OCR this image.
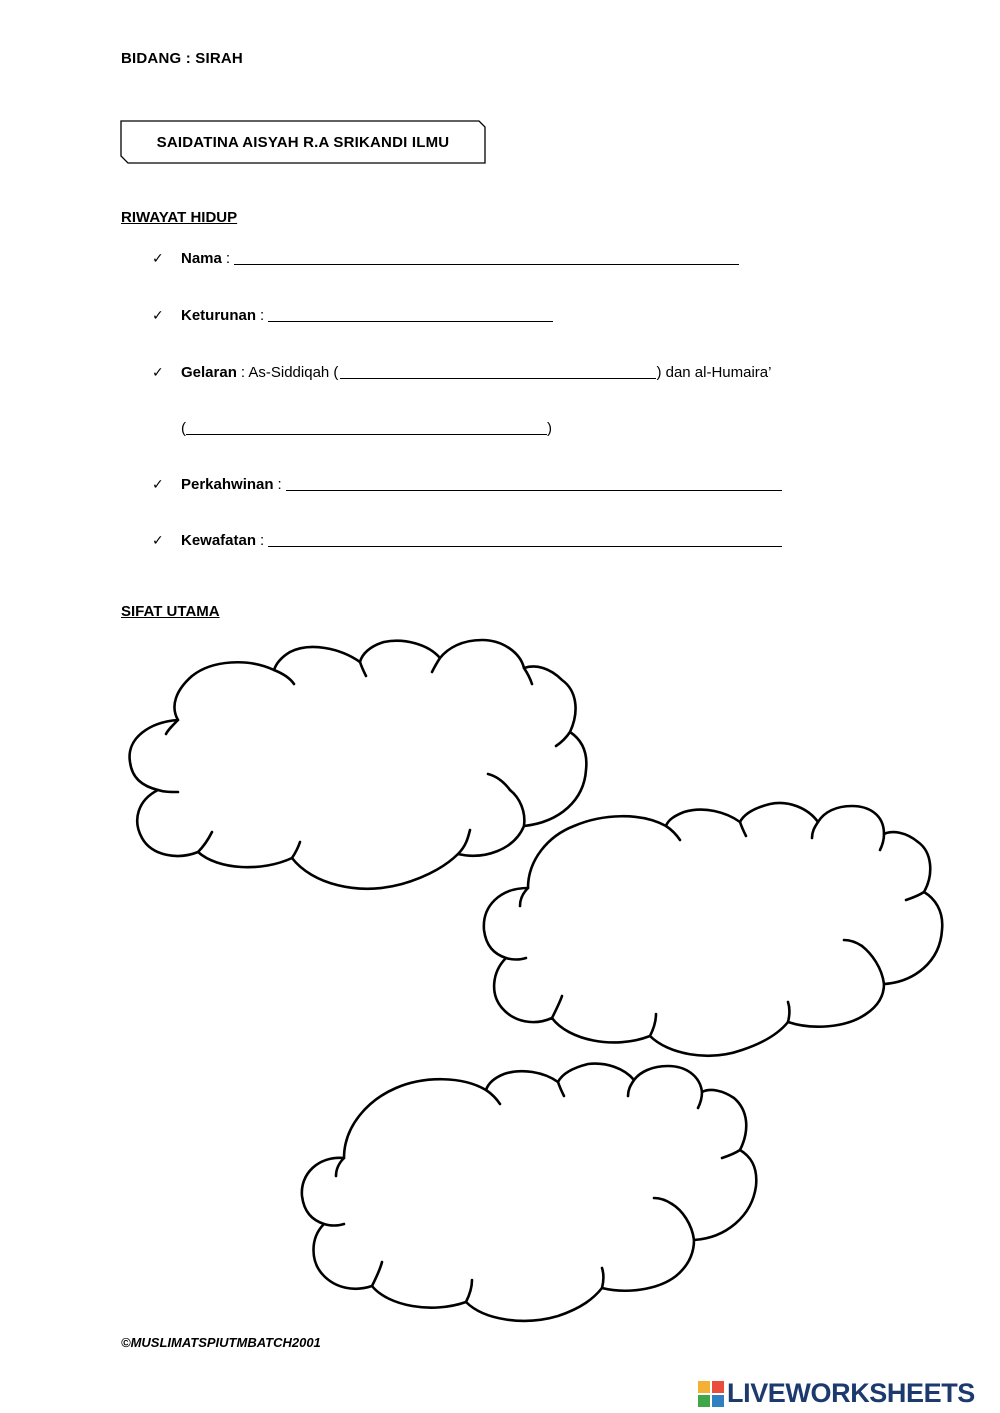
BIDANG : SIRAH
SAIDATINA AISYAH R.A SRIKANDI ILMU
RIWAYAT HIDUP
✓	Nama :
✓	Keturunan :
✓	Gelaran : As-Siddiqah (	) dan al-Humaira’
(	)
✓	Perkahwinan :
✓	Kewafatan :
SIFAT UTAMA
©MUSLIMATSPIUTMBATCH2001
LIVEWORKSHEETS
